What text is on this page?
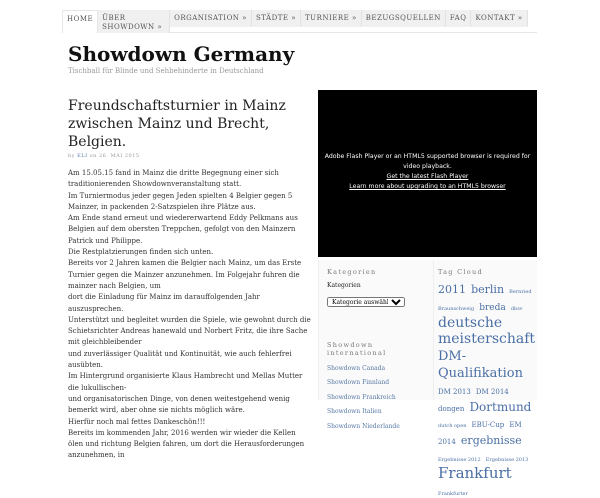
HOME	ÜBER SHOWDOWN »
ORGANISATION »	STÄDTE »	TURNIERE »	BEZUGSQUELLEN	FAQ	KONTAKT »
Showdown Germany
Tischball für Blinde und Sehbehinderte in Deutschland
Freundschaftsturnier in Mainz zwischen Mainz und Brecht, Belgien.
by ELI on 26. MAI 2015
Am 15.05.15 fand in Mainz die dritte Begegnung einer sich traditionierenden Showdownveranstaltung statt.
Im Turniermodus jeder gegen Jeden spielten 4 Belgier gegen 5 Mainzer, in packenden 2-Satzspielen ihre Plätze aus.
Am Ende stand erneut und wiedererwartend Eddy Pelkmans aus Belgien auf dem obersten Treppchen, gefolgt von den Mainzern Patrick und Philippe.
Die Restplatzierungen finden sich unten.
Bereits vor 2 Jahren kamen die Belgier nach Mainz, um das Erste Turnier gegen die Mainzer anzunehmen. Im Folgejahr fuhren die mainzer nach Belgien, um
dort die Einladung für Mainz im darauffolgenden Jahr auszusprechen.
Unterstützt und begleitet wurden die Spiele, wie gewohnt durch die Schietsrichter Andreas hanewald und Norbert Fritz, die ihre Sache mit gleichbleibender
und zuverlässiger Qualität und Kontinuität, wie auch fehlerfrei ausübten.
Im Hintergrund organisierte Klaus Hambrecht und Mellas Mutter die lukullischen-
und organisatorischen Dinge, von denen weitestgehend wenig bemerkt wird, aber ohne sie nichts möglich wäre.
Hierfür noch mal fettes Dankeschön!!!
Bereits im kommenden Jahr, 2016 werden wir wieder die Kellen ölen und richtung Belgien fahren, um dort die Herausforderungen anzunehmen, in
Adobe Flash Player or an HTML5 supported browser is required for video playback.
Get the latest Flash Player
Learn more about upgrading to an HTML5 browser
Kategorien
Kategorien
Kategorie auswählen
Showdown international
Showdown Canada
Showdown Finnland
Showdown Frankreich
Showdown Italien
Showdown Niederlande
Tag Cloud
2011 berlin Bernried Braunschweig breda dbsv deutsche meisterschaft DM-Qualifikation DM 2013 DM 2014 dongen Dortmund dutch open EBU-Cup EM 2014 ergebnisse Ergebnisse 2012 Ergebnisse 2013 Frankfurt Frankfurter
